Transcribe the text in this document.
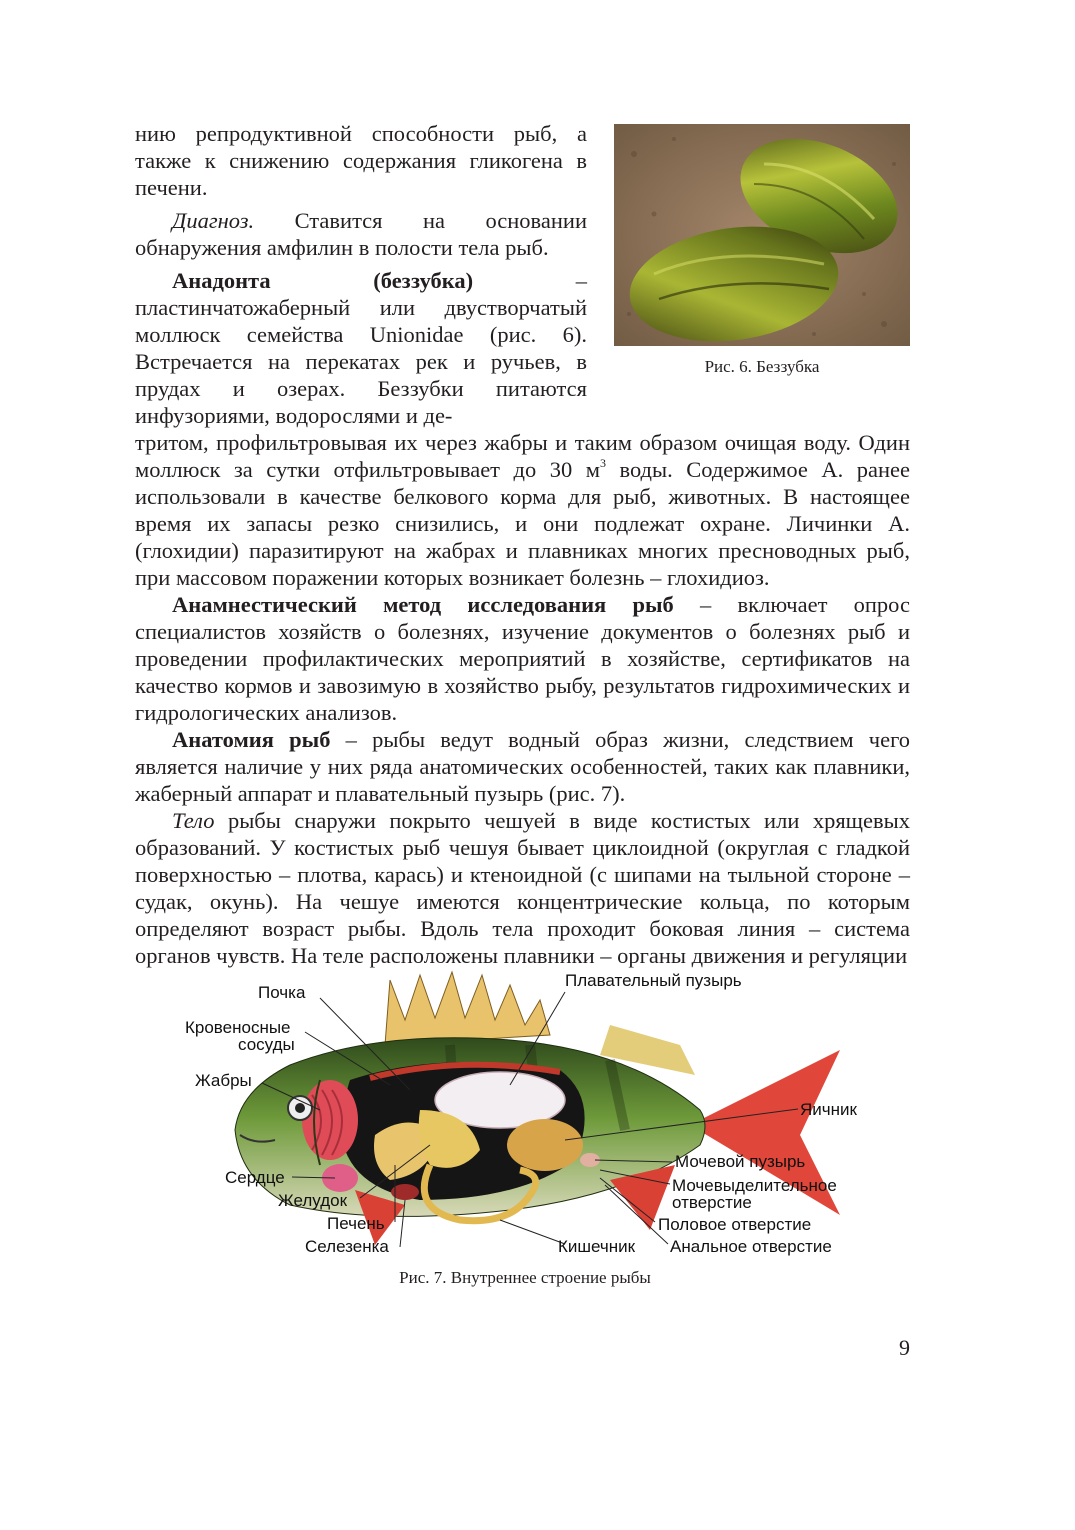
Рис. 6. Беззубка

нию репродуктивной способности рыб, а также к снижению содержания гликогена в печени.

Диагноз. Ставится на основании обнаружения амфилин в полости тела рыб.

Анадонта (беззубка) – пластинчатожаберный или двустворчатый моллюск семейства Unionidae (рис. 6). Встречается на перекатах рек и ручьев, в прудах и озерах. Беззубки питаются инфузориями, водорослями и де-

тритом, профильтровывая их через жабры и таким образом очищая воду. Один моллюск за сутки отфильтровывает до 30 $м^3$ воды. Содержимое А. ранее использовали в качестве белкового корма для рыб, животных. В настоящее время их запасы резко снизились, и они подлежат охране. Личинки А. (глохидии) паразитируют на жабрах и плавниках многих пресноводных рыб, при массовом поражении которых возникает болезнь – глохидиоз.

Анамнестический метод исследования рыб – включает опрос специалистов хозяйств о болезнях, изучение документов о болезнях рыб и проведении профилактических мероприятий в хозяйстве, сертификатов на качество кормов и завозимую в хозяйство рыбу, результатов гидрохимических и гидрологических анализов.

Анатомия рыб – рыбы ведут водный образ жизни, следствием чего является наличие у них ряда анатомических особенностей, таких как плавники, жаберный аппарат и плавательный пузырь (рис. 7).

Тело рыбы снаружи покрыто чешуей в виде костистых или хрящевых образований. У костистых рыб чешуя бывает циклоидной (округлая с гладкой поверхностью – плотва, карась) и ктеноидной (с шипами на тыльной стороне – судак, окунь). На чешуе имеются концентрические кольца, по которым определяют возраст рыбы. Вдоль тела проходит боковая линия – система органов чувств. На теле расположены плавники – органы движения и регуляции

Почка
Кровеносные
сосуды
Жабры
Сердце
Желудок
Печень
Селезенка
Плавательный пузырь
Яичник
Мочевой пузырь
Мочевыделительное
отверстие
Половое отверстие
Кишечник Анальное отверстие
Рис. 7. Внутреннее строение рыбы
9
